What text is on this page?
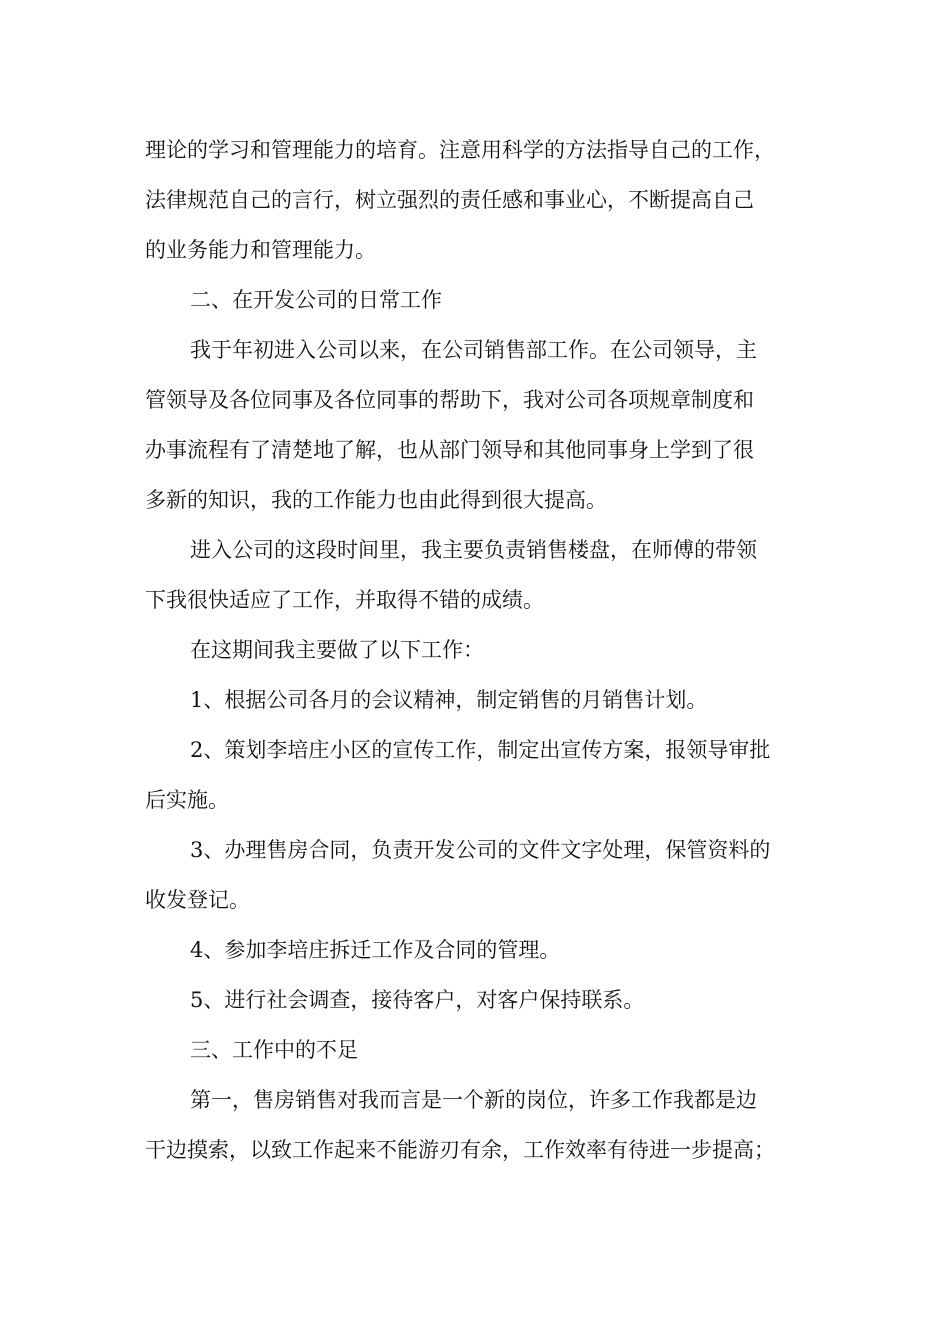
理论的学习和管理能力的培育。注意用科学的方法指导自己的工作，
法律规范自己的言行，树立强烈的责任感和事业心，不断提高自己
的业务能力和管理能力。
二、在开发公司的日常工作
我于年初进入公司以来，在公司销售部工作。在公司领导，主
管领导及各位同事及各位同事的帮助下，我对公司各项规章制度和
办事流程有了清楚地了解，也从部门领导和其他同事身上学到了很
多新的知识，我的工作能力也由此得到很大提高。
进入公司的这段时间里，我主要负责销售楼盘，在师傅的带领
下我很快适应了工作，并取得不错的成绩。
在这期间我主要做了以下工作：
1、根据公司各月的会议精神，制定销售的月销售计划。
2、策划李培庄小区的宣传工作，制定出宣传方案，报领导审批
后实施。
3、办理售房合同，负责开发公司的文件文字处理，保管资料的
收发登记。
4、参加李培庄拆迁工作及合同的管理。
5、进行社会调查，接待客户，对客户保持联系。
三、工作中的不足
第一，售房销售对我而言是一个新的岗位，许多工作我都是边
干边摸索，以致工作起来不能游刃有余，工作效率有待进一步提高；
